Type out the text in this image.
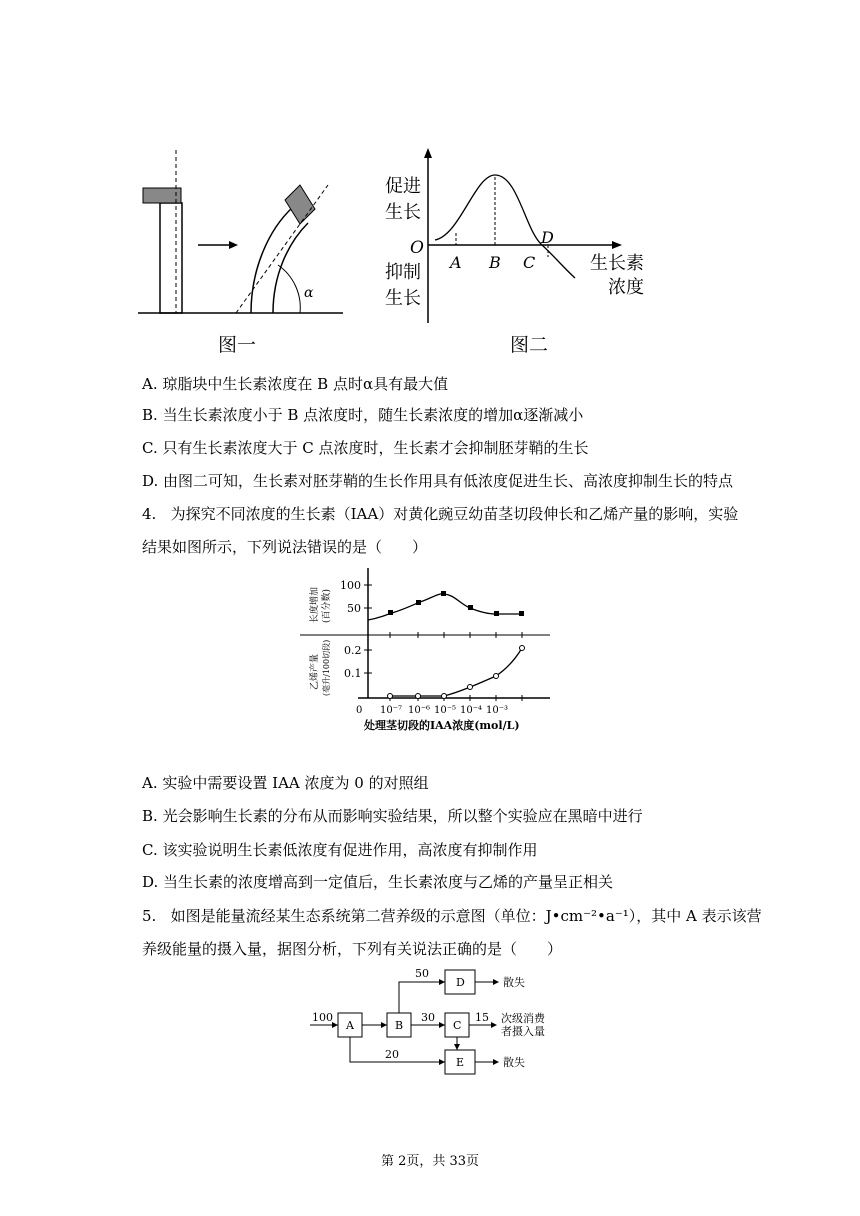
α
图一
促进
生长
O
抑制
生长
A B C
D
生长素
浓度
图二
A. 琼脂块中生长素浓度在 B 点时α具有最大值
B. 当生长素浓度小于 B 点浓度时，随生长素浓度的增加α逐渐减小
C. 只有生长素浓度大于 C 点浓度时，生长素才会抑制胚芽鞘的生长
D. 由图二可知，生长素对胚芽鞘的生长作用具有低浓度促进生长、高浓度抑制生长的特点
4. 为探究不同浓度的生长素（IAA）对黄化豌豆幼苗茎切段伸长和乙烯产量的影响，实验
结果如图所示，下列说法错误的是（　　）
100
50
0.2
0.1
0 10⁻⁷ 10⁻⁶ 10⁻⁵ 10⁻⁴ 10⁻³
处理茎切段的IAA浓度(mol/L)
长度增加 (百分数)
乙烯产量 (毫升/100切段)
A. 实验中需要设置 IAA 浓度为 0 的对照组
B. 光会影响生长素的分布从而影响实验结果，所以整个实验应在黑暗中进行
C. 该实验说明生长素低浓度有促进作用，高浓度有抑制作用
D. 当生长素的浓度增高到一定值后，生长素浓度与乙烯的产量呈正相关
5. 如图是能量流经某生态系统第二营养级的示意图（单位：J•cm⁻²•a⁻¹），其中 A 表示该营
养级能量的摄入量，据图分析，下列有关说法正确的是（　　）
A	B	C
D
E
100
50
30	15
20
散失
次级消费
者摄入量
散失
第 2页，共 33页
